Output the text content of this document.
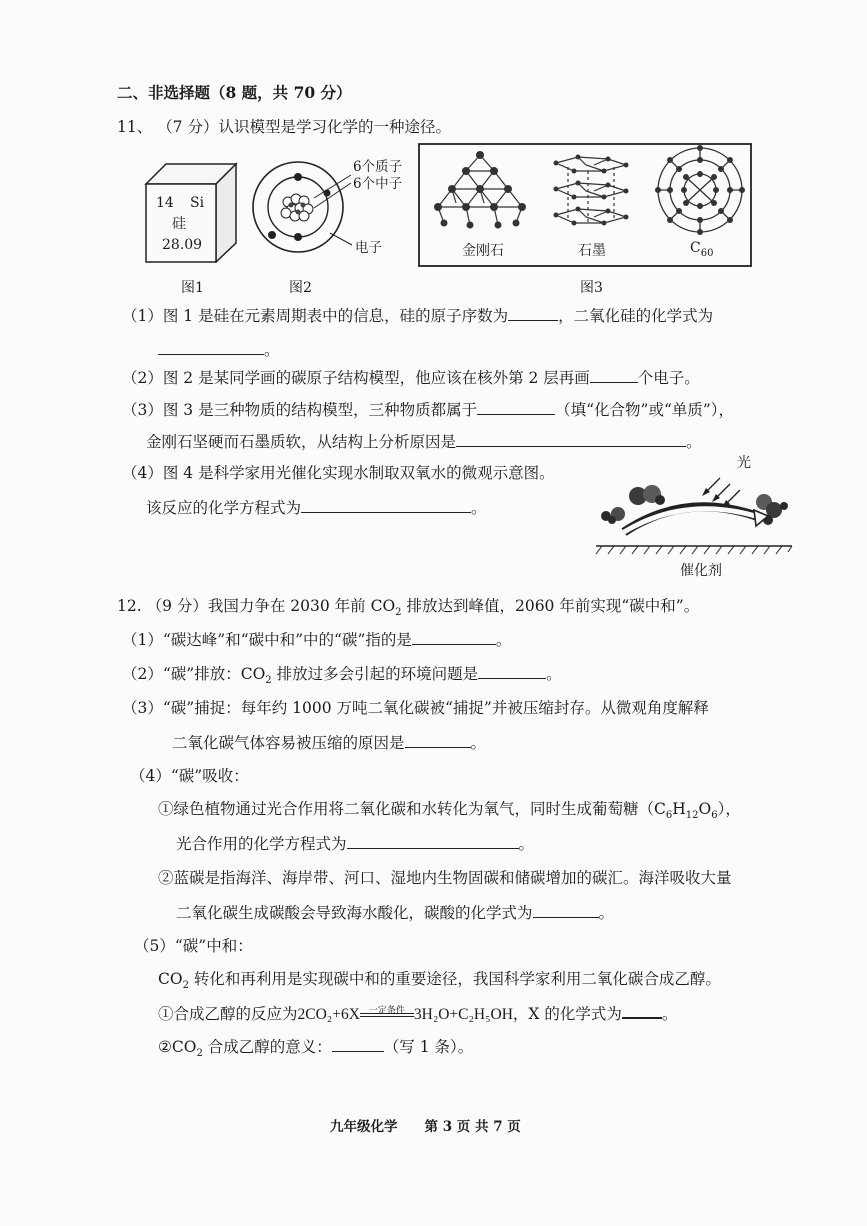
二、非选择题（8 题，共 70 分）
11、 （7 分）认识模型是学习化学的一种途径。
14 Si
硅
28.09
图1
6个质子
6个中子
电子
图2
金刚石	石墨	$C_{60}$
图3
（1）图 1 是硅在元素周期表中的信息，硅的原子序数为	，二氧化硅的化学式为
。
（2）图 2 是某同学画的碳原子结构模型，他应该在核外第 2 层再画	个电子。
（3）图 3 是三种物质的结构模型，三种物质都属于	（填“化合物”或“单质”），
金刚石坚硬而石墨质软，从结构上分析原因是	。
（4）图 4 是科学家用光催化实现水制取双氧水的微观示意图。
该反应的化学方程式为	。
光
催化剂
12. （9 分）我国力争在 2030 年前 $CO_2$ 排放达到峰值，2060 年前实现“碳中和”。
（1）“碳达峰”和“碳中和”中的“碳”指的是	。
（2）“碳”排放：$CO_2$ 排放过多会引起的环境问题是	。
（3）“碳”捕捉：每年约 1000 万吨二氧化碳被“捕捉”并被压缩封存。从微观角度解释
二氧化碳气体容易被压缩的原因是	。
（4）“碳”吸收：
①绿色植物通过光合作用将二氧化碳和水转化为氧气，同时生成葡萄糖$(C_6H_{12}O_6)$，
光合作用的化学方程式为	。
②蓝碳是指海洋、海岸带、河口、湿地内生物固碳和储碳增加的碳汇。海洋吸收大量
二氧化碳生成碳酸会导致海水酸化，碳酸的化学式为	。
（5）“碳”中和：
$CO_2$ 转化和再利用是实现碳中和的重要途径，我国科学家利用二氧化碳合成乙醇。
①合成乙醇的反应为2CO₂+6X 一定条件 3H₂O+C₂H₅OH，X 的化学式为	。
$②CO_2$ 合成乙醇的意义：	（写 1 条）。
九年级化学　　第 3 页 共 7 页
